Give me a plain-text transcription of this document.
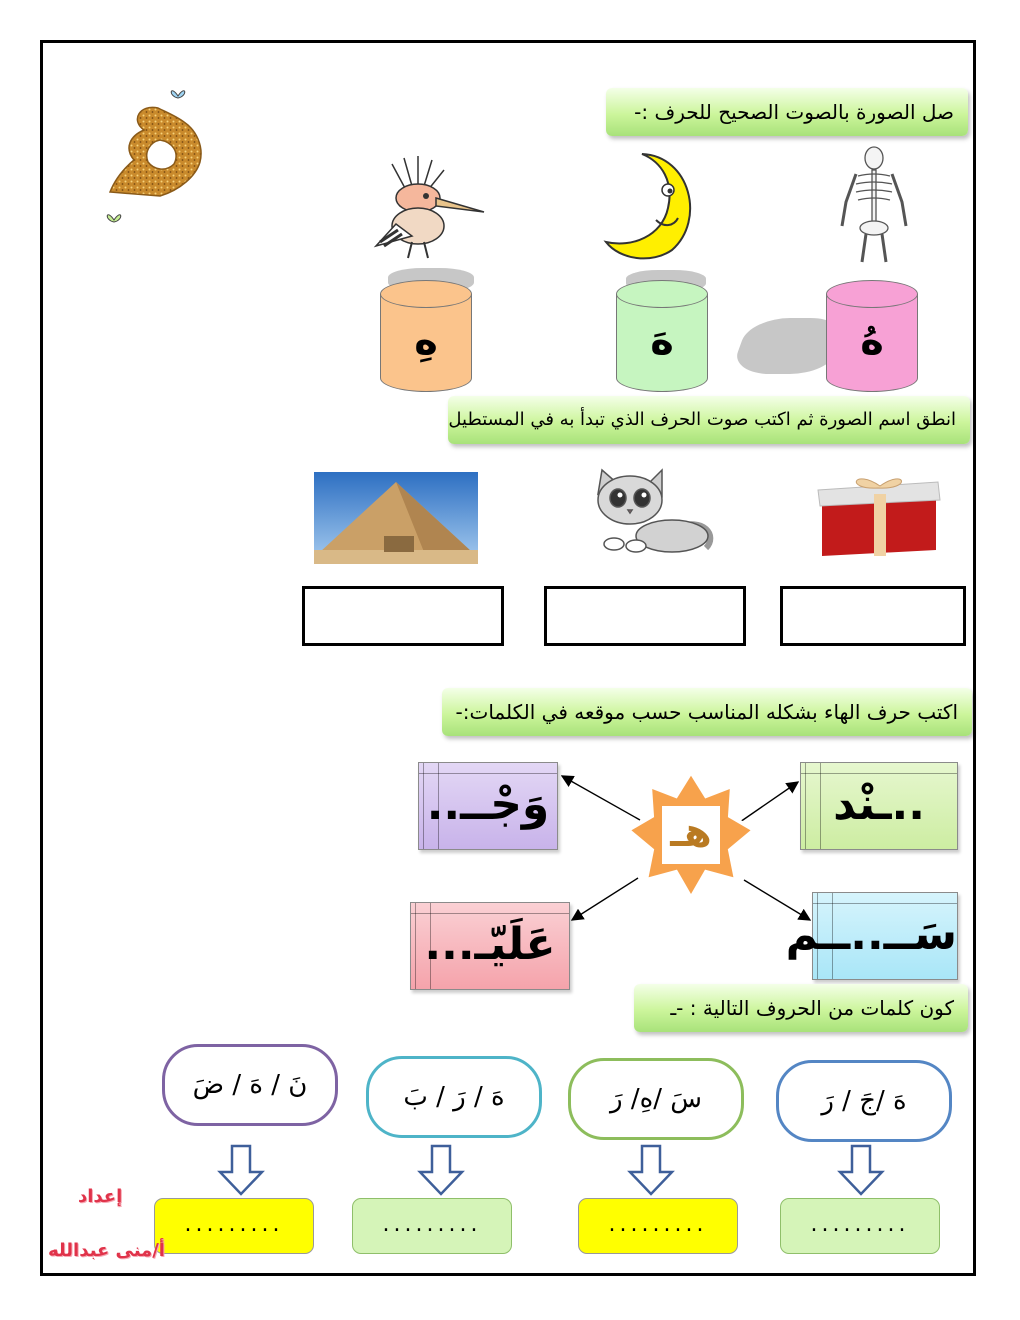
صل الصورة بالصوت الصحيح للحرف :-
هِ	هَ	هُ
انطق اسم الصورة ثم اكتب صوت الحرف الذي تبدأ به في المستطيل
اكتب حرف الهاء بشكله المناسب حسب موقعه في الكلمات:-
وَجْــ..	..ـنْد
عَلَيّـ...	سَــ..ــم
هـ
كون كلمات من الحروف التالية : -ـ
نَ / هَ / ضَ	هَ / رَ / بَ	سَ /هِ/ رَ	هَ /جَ / رَ
.........	.........	.........	.........
إعداد
أ/منى عبدالله
